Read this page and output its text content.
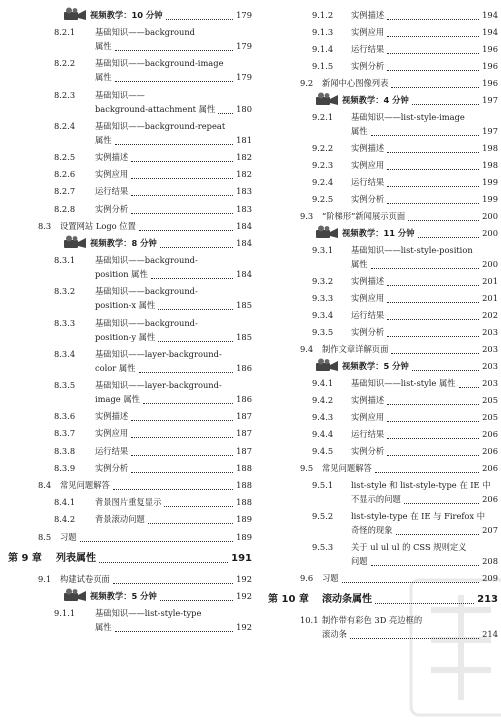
视频教学：10 分钟	179
8.2.1 基础知识——background
属性	179
8.2.2 基础知识——background-image
属性	179
8.2.3 基础知识——
background-attachment 属性	180
8.2.4 基础知识——background-repeat
属性	181
8.2.5 实例描述	182
8.2.6 实例应用	182
8.2.7 运行结果	183
8.2.8 实例分析	183
8.3 设置网站 Logo 位置	184
视频教学：8 分钟	184
8.3.1 基础知识——background-
position 属性	184
8.3.2 基础知识——background-
position-x 属性	185
8.3.3 基础知识——background-
position-y 属性	185
8.3.4 基础知识——layer-background-
color 属性	186
8.3.5 基础知识——layer-background-
image 属性	186
8.3.6 实例描述	187
8.3.7 实例应用	187
8.3.8 运行结果	187
8.3.9 实例分析	188
8.4 常见问题解答	188
8.4.1 背景图片重复显示	188
8.4.2 背景滚动问题	189
8.5 习题	189
第 9 章 列表属性	191
9.1 构建试卷页面	192
视频教学：5 分钟	192
9.1.1 基础知识——list-style-type
属性	192
9.1.2 实例描述	194
9.1.3 实例应用	194
9.1.4 运行结果	196
9.1.5 实例分析	196
9.2 新闻中心图像列表	196
视频教学：4 分钟	197
9.2.1 基础知识——list-style-image
属性	197
9.2.2 实例描述	198
9.2.3 实例应用	198
9.2.4 运行结果	199
9.2.5 实例分析	199
9.3 “阶梯形”新闻展示页面	200
视频教学：11 分钟	200
9.3.1 基础知识——list-style-position
属性	200
9.3.2 实例描述	201
9.3.3 实例应用	201
9.3.4 运行结果	202
9.3.5 实例分析	203
9.4 制作文章详解页面	203
视频教学：5 分钟	203
9.4.1 基础知识——list-style 属性	203
9.4.2 实例描述	205
9.4.3 实例应用	205
9.4.4 运行结果	206
9.4.5 实例分析	206
9.5 常见问题解答	206
9.5.1 list-style 和 list-style-type 在 IE 中
不显示的问题	206
9.5.2 list-style-type 在 IE 与 Firefox 中
奇怪的现象	207
9.5.3 关于 ul ul ul 的 CSS 规则定义
问题	208
9.6 习题	209
第 10 章 滚动条属性	213
10.1 制作带有彩色 3D 亮边框的
滚动条	214
